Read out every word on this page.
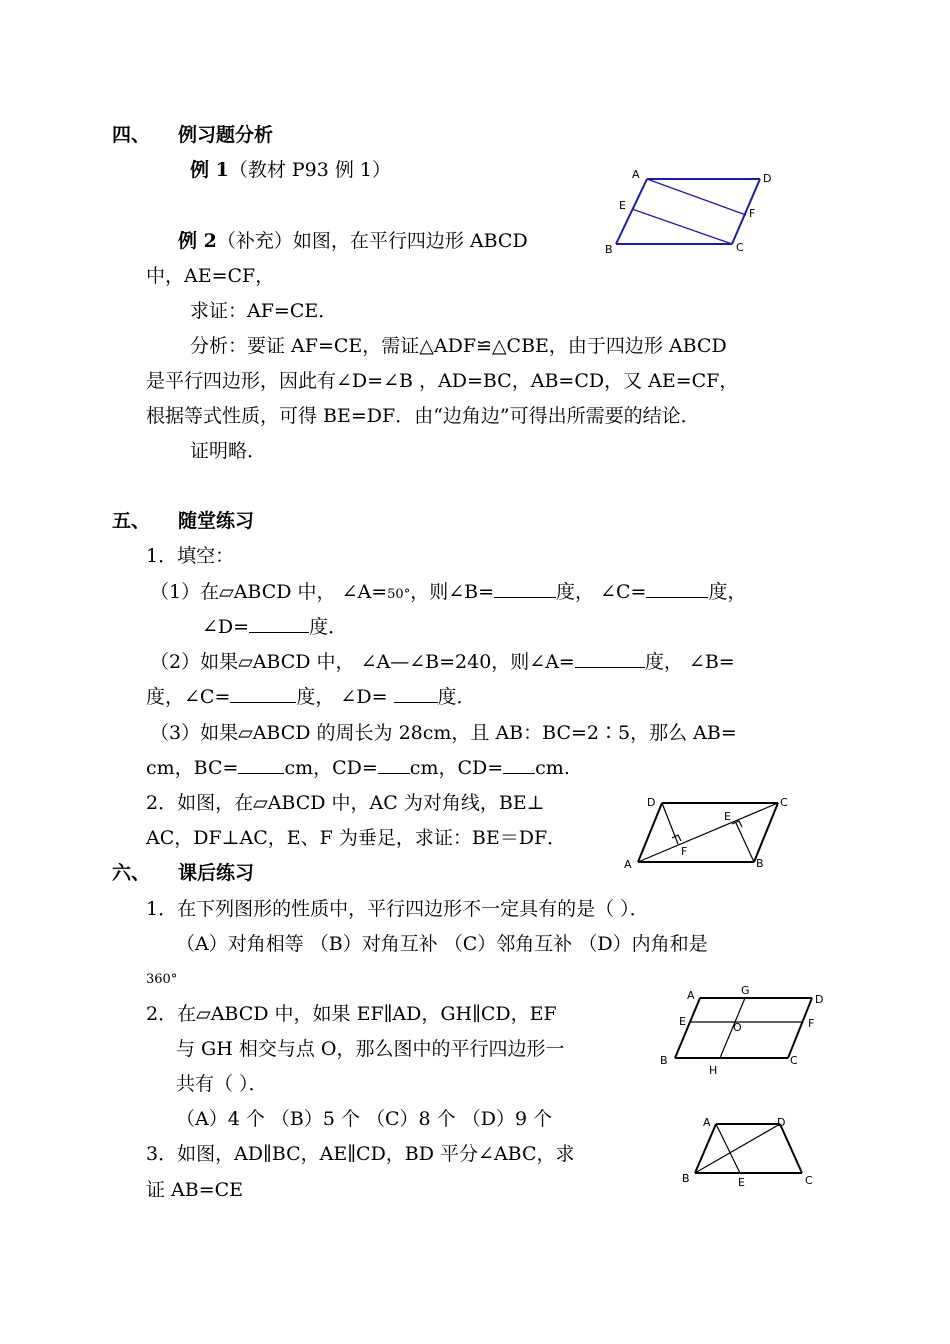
四、 例习题分析
例 1（教材 P93 例 1）	A	D
E
F
B	C
例 2（补充）如图，在平行四边形 ABCD
中，AE=CF，
求证：AF=CE．
分析：要证 AF=CE，需证△ADF≌△CBE，由于四边形 ABCD
是平行四边形，因此有∠D=∠B ，AD=BC，AB=CD，又 AE=CF，
根据等式性质，可得 BE=DF．由“边角边”可得出所需要的结论．
证明略．
五、 随堂练习
1．填空：
（1）在▱ABCD 中， ∠A=50°，则∠B=	度， ∠C=	度，
∠D=	度．
（2）如果▱ABCD 中， ∠A—∠B=240，则∠A=	度， ∠B=
度，∠C=	度， ∠D= 度．
（3）如果▱ABCD 的周长为 28cm，且 AB：BC=2∶5，那么 AB=
cm，BC= cm，CD= cm，CD= cm.
2．如图，在▱ABCD 中，AC 为对角线，BE⊥
AC，DF⊥AC，E、F 为垂足，求证：BE＝DF．
D	C
E
F
A	B
六、 课后练习
1．在下列图形的性质中，平行四边形不一定具有的是（ ）．
（A）对角相等 （B）对角互补 （C）邻角互补 （D）内角和是
360°
2．在▱ABCD 中，如果 EF∥AD，GH∥CD，EF
与 GH 相交与点 O，那么图中的平行四边形一
共有（ ）．
A	G
D
E	O	F
B
H
C
（A）4 个 （B）5 个 （C）8 个 （D）9 个
3．如图，AD∥BC，AE∥CD，BD 平分∠ABC，求
证 AB=CE
A	D
B	E	C
